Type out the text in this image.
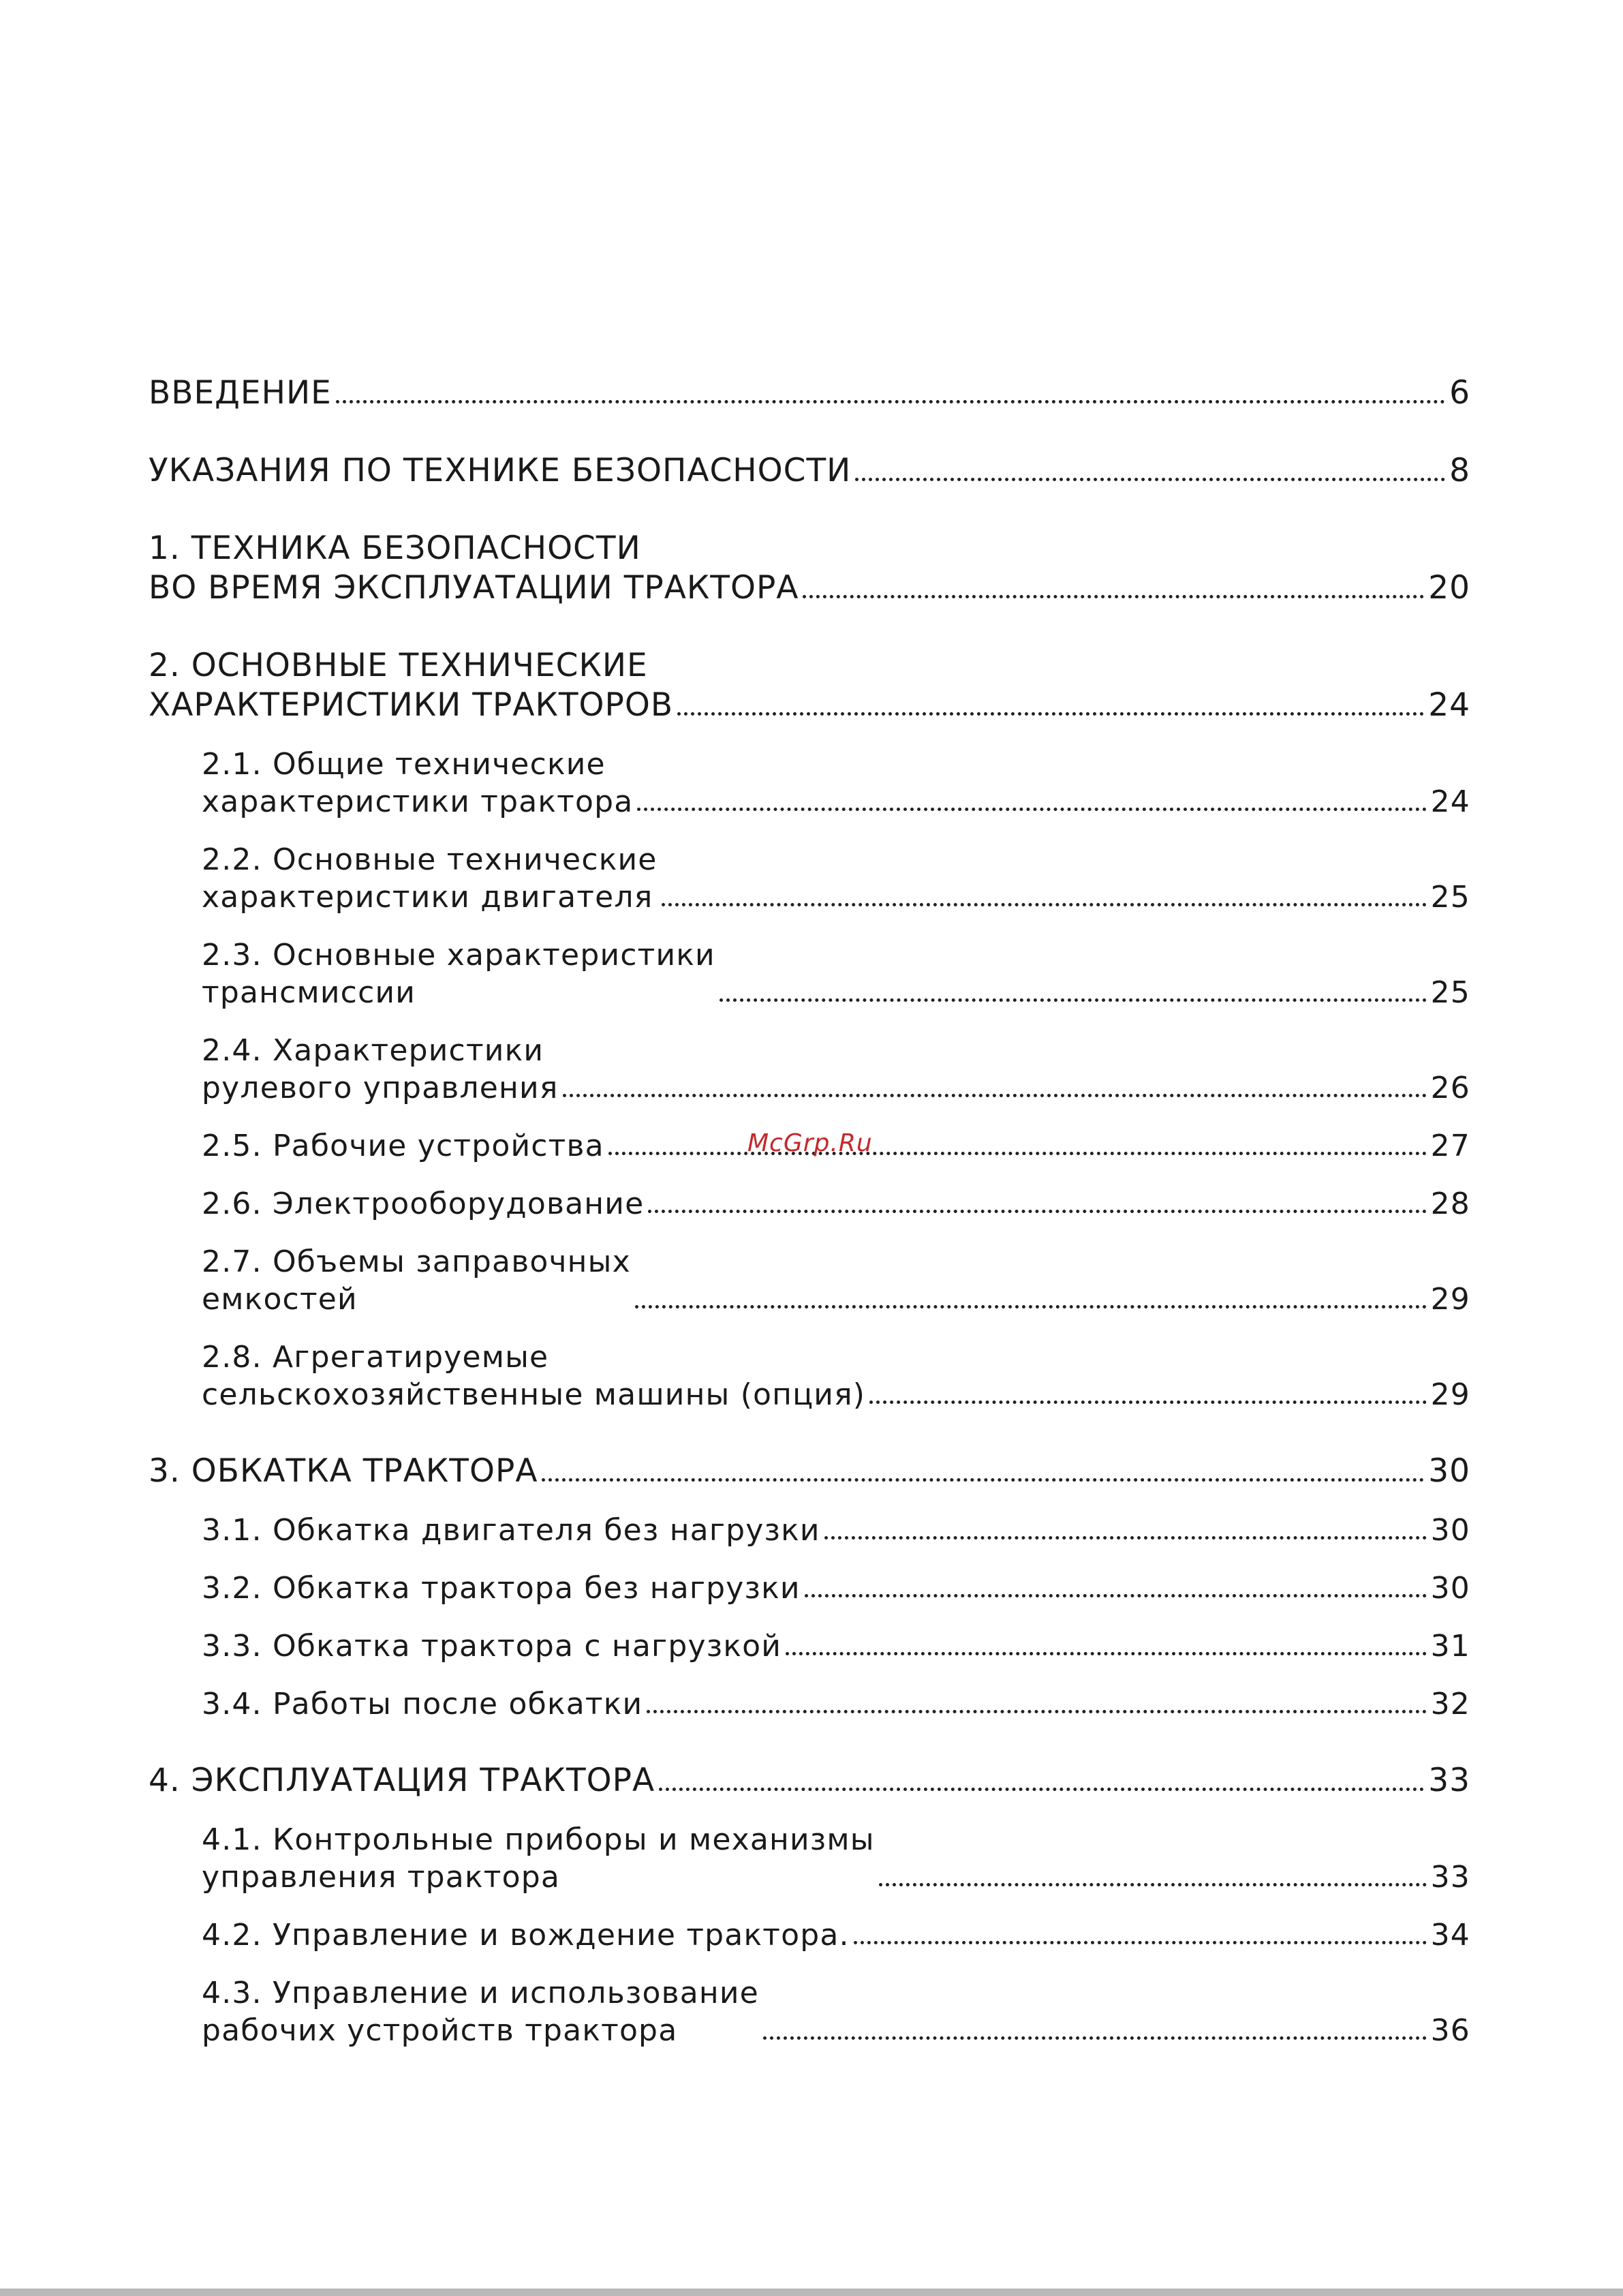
ВВЕДЕНИЕ	6
УКАЗАНИЯ ПО ТЕХНИКЕ БЕЗОПАСНОСТИ	8
1. ТЕХНИКА БЕЗОПАСНОСТИ
ВО ВРЕМЯ ЭКСПЛУАТАЦИИ ТРАКТОРА	20
2. ОСНОВНЫЕ ТЕХНИЧЕСКИЕ
ХАРАКТЕРИСТИКИ ТРАКТОРОВ	24
2.1. Общие технические
характеристики трактора	24
2.2. Основные технические
характеристики двигателя	25
2.3. Основные характеристики
трансмиссии	25
2.4. Характеристики
рулевого управления	26
2.5. Рабочие устройства	27
2.6. Электрооборудование	28
2.7. Объемы заправочных
емкостей	29
2.8. Агрегатируемые
сельскохозяйственные машины (опция)	29
3. ОБКАТКА ТРАКТОРА	30
3.1. Обкатка двигателя без нагрузки	30
3.2. Обкатка трактора без нагрузки	30
3.3. Обкатка трактора с нагрузкой	31
3.4. Работы после обкатки	32
4. ЭКСПЛУАТАЦИЯ ТРАКТОРА	33
4.1. Контрольные приборы и механизмы
управления трактора	33
4.2. Управление и вождение трактора.	34
4.3. Управление и использование
рабочих устройств трактора	36
McGrp.Ru
